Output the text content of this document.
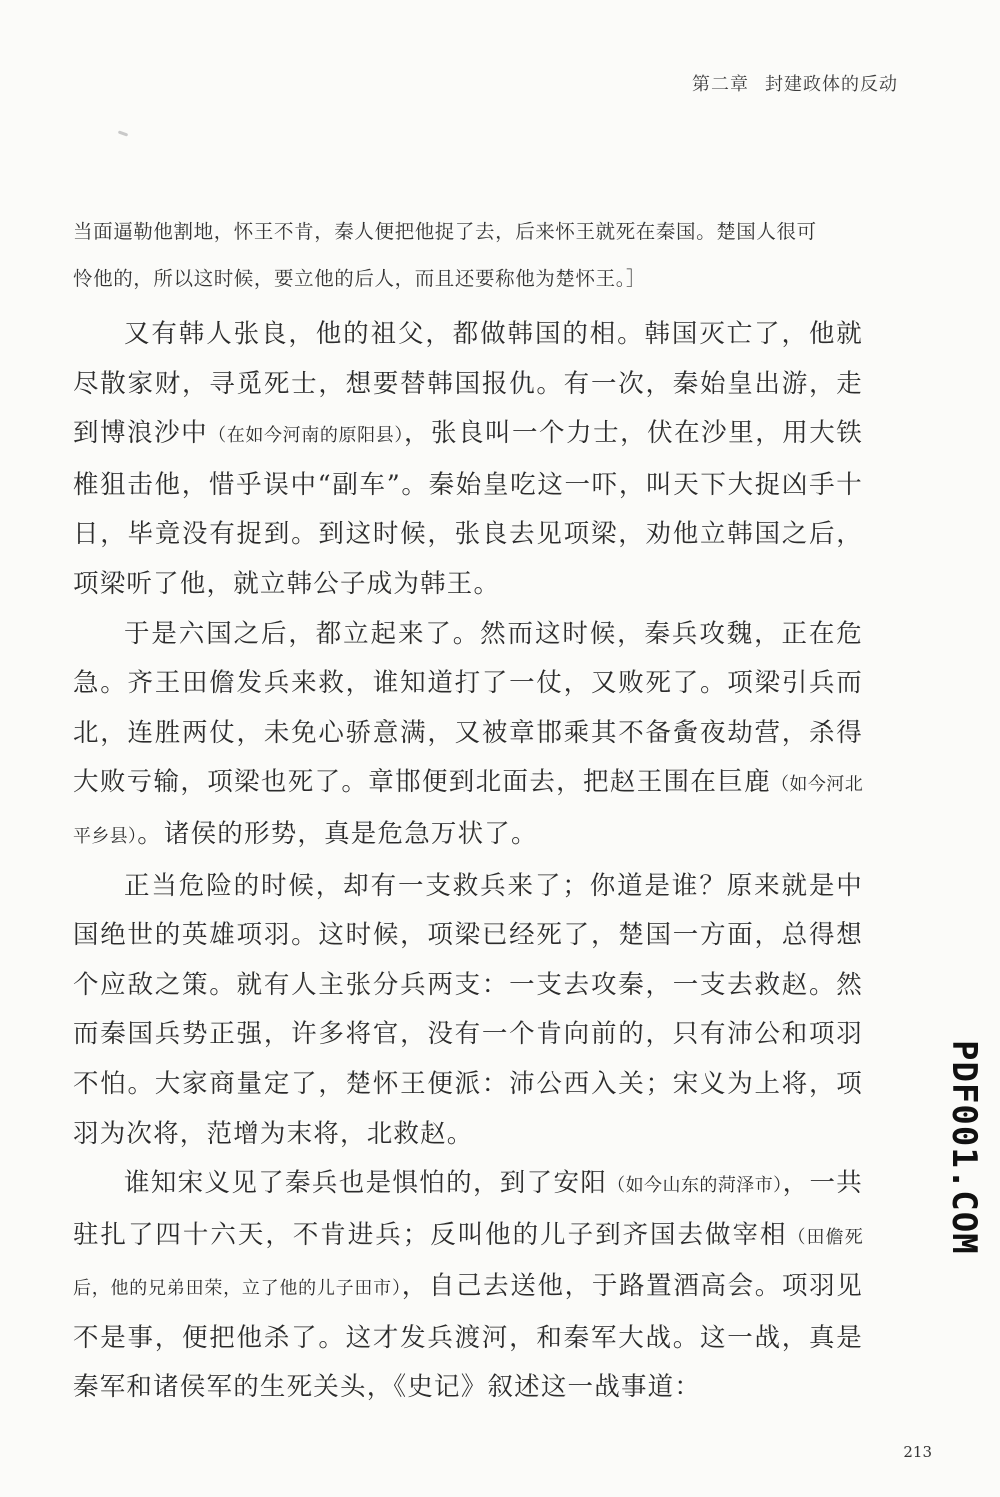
第二章 封建政体的反动
当面逼勒他割地，怀王不肯，秦人便把他捉了去，后来怀王就死在秦国。楚国人很可
怜他的，所以这时候，要立他的后人，而且还要称他为楚怀王。］

又有韩人张良，他的祖父，都做韩国的相。韩国灭亡了，他就尽散家财，寻觅死士，想要替韩国报仇。有一次，秦始皇出游，走到博浪沙中（在如今河南的原阳县），张良叫一个力士，伏在沙里，用大铁椎狙击他，惜乎误中“副车”。秦始皇吃这一吓，叫天下大捉凶手十日，毕竟没有捉到。到这时候，张良去见项梁，劝他立韩国之后，项梁听了他，就立韩公子成为韩王。

于是六国之后，都立起来了。然而这时候，秦兵攻魏，正在危急。齐王田儋发兵来救，谁知道打了一仗，又败死了。项梁引兵而北，连胜两仗，未免心骄意满，又被章邯乘其不备夤夜劫营，杀得大败亏输，项梁也死了。章邯便到北面去，把赵王围在巨鹿（如今河北平乡县）。诸侯的形势，真是危急万状了。

正当危险的时候，却有一支救兵来了；你道是谁？原来就是中国绝世的英雄项羽。这时候，项梁已经死了，楚国一方面，总得想个应敌之策。就有人主张分兵两支：一支去攻秦，一支去救赵。然而秦国兵势正强，许多将官，没有一个肯向前的，只有沛公和项羽不怕。大家商量定了，楚怀王便派：沛公西入关；宋义为上将，项羽为次将，范增为末将，北救赵。

谁知宋义见了秦兵也是惧怕的，到了安阳（如今山东的菏泽市），一共驻扎了四十六天，不肯进兵；反叫他的儿子到齐国去做宰相（田儋死后，他的兄弟田荣，立了他的儿子田市），自己去送他，于路置酒高会。项羽见不是事，便把他杀了。这才发兵渡河，和秦军大战。这一战，真是秦军和诸侯军的生死关头，《史记》叙述这一战事道：

PDF001.COM
213
